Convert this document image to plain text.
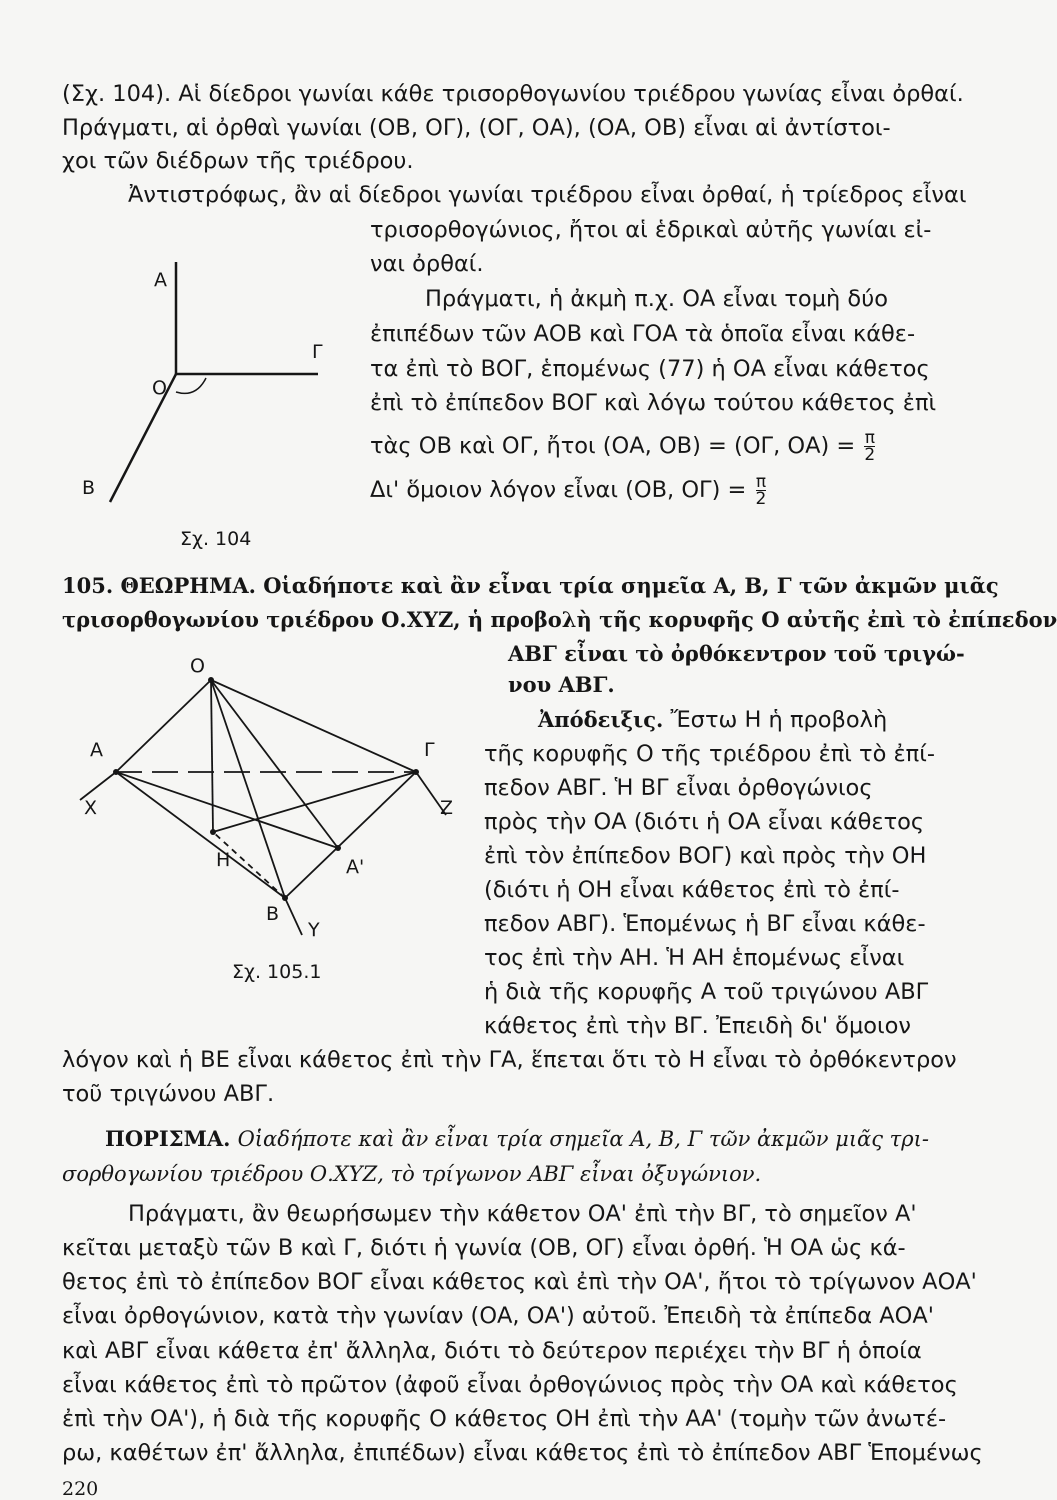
(Σχ. 104). Αἱ δίεδροι γωνίαι κάθε τρισορθογωνίου τριέδρου γωνίας εἶναι ὀρθαί.
Πράγματι, αἱ ὀρθαὶ γωνίαι (ΟΒ, ΟΓ), (ΟΓ, ΟΑ), (ΟΑ, ΟΒ) εἶναι αἱ ἀντίστοι-
χοι τῶν διέδρων τῆς τριέδρου.
Ἀντιστρόφως, ἂν αἱ δίεδροι γωνίαι τριέδρου εἶναι ὀρθαί, ἡ τρίεδρος εἶναι
τρισορθογώνιος, ἤτοι αἱ ἑδρικαὶ αὐτῆς γωνίαι εἰ-
ναι ὀρθαί.
Πράγματι, ἡ ἀκμὴ π.χ. ΟΑ εἶναι τομὴ δύο
ἐπιπέδων τῶν ΑΟΒ καὶ ΓΟΑ τὰ ὁποῖα εἶναι κάθε-
τα ἐπὶ τὸ ΒΟΓ, ἑπομένως (77) ἡ ΟΑ εἶναι κάθετος
ἐπὶ τὸ ἐπίπεδον ΒΟΓ καὶ λόγω τούτου κάθετος ἐπὶ
τὰς ΟΒ καὶ ΟΓ, ἤτοι (ΟΑ, ΟΒ) = (ΟΓ, $OA) = \frac{\pi}{2}$
Δι' ὅμοιον λόγον εἶναι (ΟΒ, $O\Gamma) = \frac{\pi}{2}$
Α
Ο
Γ
Β
Σχ. 104
105. ΘΕΩΡΗΜΑ. Οἱαδήποτε καὶ ἂν εἶναι τρία σημεῖα Α, Β, Γ τῶν ἀκμῶν μιᾶς
τρισορθογωνίου τριέδρου Ο.ΧΥΖ, ἡ προβολὴ τῆς κορυφῆς Ο αὐτῆς ἐπὶ τὸ ἐπίπεδον
ΑΒΓ εἶναι τὸ ὀρθόκεντρον τοῦ τριγώ-
νου ΑΒΓ.
Ο
Α	Γ
Χ	Ζ
Η	Α'
Β
Υ
Σχ. 105.1
Ἀπόδειξις. Ἔστω Η ἡ προβολὴ
τῆς κορυφῆς Ο τῆς τριέδρου ἐπὶ τὸ ἐπί-
πεδον ΑΒΓ. Ἡ ΒΓ εἶναι ὀρθογώνιος
πρὸς τὴν ΟΑ (διότι ἡ ΟΑ εἶναι κάθετος
ἐπὶ τὸν ἐπίπεδον ΒΟΓ) καὶ πρὸς τὴν ΟΗ
(διότι ἡ ΟΗ εἶναι κάθετος ἐπὶ τὸ ἐπί-
πεδον ΑΒΓ). Ἑπομένως ἡ ΒΓ εἶναι κάθε-
τος ἐπὶ τὴν ΑΗ. Ἡ ΑΗ ἑπομένως εἶναι
ἡ διὰ τῆς κορυφῆς Α τοῦ τριγώνου ΑΒΓ
κάθετος ἐπὶ τὴν ΒΓ. Ἐπειδὴ δι' ὅμοιον
λόγον καὶ ἡ ΒΕ εἶναι κάθετος ἐπὶ τὴν ΓΑ, ἕπεται ὅτι τὸ Η εἶναι τὸ ὀρθόκεντρον
τοῦ τριγώνου ΑΒΓ.
ΠΟΡΙΣΜΑ. Οἱαδήποτε καὶ ἂν εἶναι τρία σημεῖα Α, Β, Γ τῶν ἀκμῶν μιᾶς τρι-
σορθογωνίου τριέδρου Ο.ΧΥΖ, τὸ τρίγωνον ΑΒΓ εἶναι ὀξυγώνιον.
Πράγματι, ἂν θεωρήσωμεν τὴν κάθετον ΟΑ' ἐπὶ τὴν ΒΓ, τὸ σημεῖον Α'
κεῖται μεταξὺ τῶν Β καὶ Γ, διότι ἡ γωνία (ΟΒ, ΟΓ) εἶναι ὀρθή. Ἡ ΟΑ ὡς κά-
θετος ἐπὶ τὸ ἐπίπεδον ΒΟΓ εἶναι κάθετος καὶ ἐπὶ τὴν ΟΑ', ἤτοι τὸ τρίγωνον ΑΟΑ'
εἶναι ὀρθογώνιον, κατὰ τὴν γωνίαν (ΟΑ, ΟΑ') αὐτοῦ. Ἐπειδὴ τὰ ἐπίπεδα ΑΟΑ'
καὶ ΑΒΓ εἶναι κάθετα ἐπ' ἄλληλα, διότι τὸ δεύτερον περιέχει τὴν ΒΓ ἡ ὁποία
εἶναι κάθετος ἐπὶ τὸ πρῶτον (ἀφοῦ εἶναι ὀρθογώνιος πρὸς τὴν ΟΑ καὶ κάθετος
ἐπὶ τὴν ΟΑ'), ἡ διὰ τῆς κορυφῆς Ο κάθετος ΟΗ ἐπὶ τὴν ΑΑ' (τομὴν τῶν ἀνωτέ-
ρω, καθέτων ἐπ' ἄλληλα, ἐπιπέδων) εἶναι κάθετος ἐπὶ τὸ ἐπίπεδον ΑΒΓ Ἑπομένως
220
